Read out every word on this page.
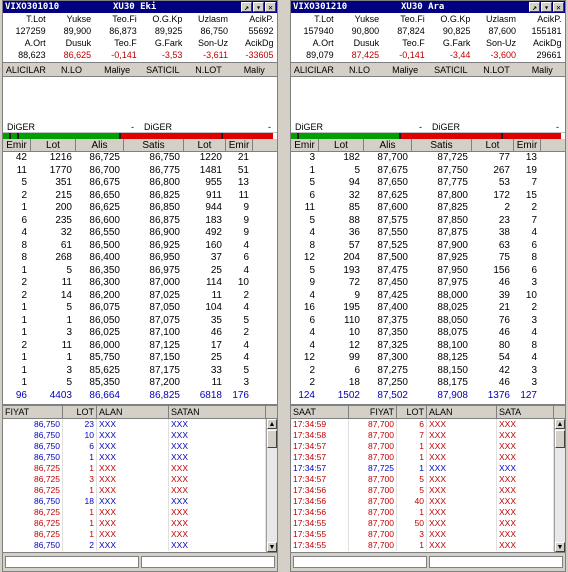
VIXO301010	XU30 Eki	↗ ▾ ✕
T.Lot	Yukse	Teo.Fi	O.G.Kp	Uzlasm	AcikP.
127259	89,900	86,873	89,925	86,750	55692
A.Ort	Dusuk	Teo.F	G.Fark	Son-Uz	AcikDg
88,623	86,625	-0,141	-3,53	-3,611	-33605
ALICILAR	N.LO	Maliye	SATICIL	N.LOT	Maliy
DiGER	-	DiGER	-
Emir	Lot	Alis	Satis	Lot	Emir
42	1216	86,725	86,750	1220	21
11	1770	86,700	86,775	1481	51
5	351	86,675	86,800	955	13
2	215	86,650	86,825	911	11
1	200	86,625	86,850	944	9
6	235	86,600	86,875	183	9
4	32	86,550	86,900	492	9
8	61	86,500	86,925	160	4
8	268	86,400	86,950	37	6
1	5	86,350	86,975	25	4
2	11	86,300	87,000	114	10
2	14	86,200	87,025	11	2
1	5	86,075	87,050	104	4
1	1	86,050	87,075	35	5
1	3	86,025	87,100	46	2
2	11	86,000	87,125	17	4
1	1	85,750	87,150	25	4
1	3	85,625	87,175	33	5
1	5	85,350	87,200	11	3
96	4403	86,664	86,825	6818	176
FIYAT	LOT ALAN	SATAN
86,750	23 XXX	XXX
86,750	10 XXX	XXX
86,750	6 XXX	XXX
86,750	1 XXX	XXX
86,725	1 XXX	XXX
86,725	3 XXX	XXX
86,725	1 XXX	XXX
86,750	18 XXX	XXX
86,725	1 XXX	XXX
86,725	1 XXX	XXX
86,725	1 XXX	XXX
86,750	2 XXX	XXX
▲
▼
VIXO301210	XU30 Ara	↗ ▾ ✕
T.Lot	Yukse	Teo.Fi	O.G.Kp	Uzlasm	AcikP.
157940	90,800	87,824	90,825	87,600	155181
A.Ort	Dusuk	Teo.F	G.Fark	Son-Uz	AcikDg
89,079	87,425	-0,141	-3,44	-3,600	29661
ALICILAR	N.LO	Maliye	SATICIL	N.LOT	Maliy
DiGER	-	DiGER	-
Emir	Lot	Alis	Satis	Lot	Emir
3	182	87,700	87,725	77	13
1	5	87,675	87,750	267	19
5	94	87,650	87,775	53	7
6	32	87,625	87,800	172	15
11	85	87,600	87,825	2	2
5	88	87,575	87,850	23	7
4	36	87,550	87,875	38	4
8	57	87,525	87,900	63	6
12	204	87,500	87,925	75	8
5	193	87,475	87,950	156	6
9	72	87,450	87,975	46	3
4	9	87,425	88,000	39	10
16	195	87,400	88,025	21	2
6	110	87,375	88,050	76	3
4	10	87,350	88,075	46	4
4	12	87,325	88,100	80	8
12	99	87,300	88,125	54	4
2	6	87,275	88,150	42	3
2	18	87,250	88,175	46	3
124	1502	87,502	87,908	1376	127
SAAT	FIYAT	LOT ALAN	SATA
17:34:59	87,700	6 XXX	XXX
17:34:58	87,700	7 XXX	XXX
17:34:57	87,700	1 XXX	XXX
17:34:57	87,700	1 XXX	XXX
17:34:57	87,725	1 XXX	XXX
17:34:57	87,700	5 XXX	XXX
17:34:56	87,700	5 XXX	XXX
17:34:56	87,700	40 XXX	XXX
17:34:56	87,700	1 XXX	XXX
17:34:55	87,700	50 XXX	XXX
17:34:55	87,700	3 XXX	XXX
17:34:55	87,700	1 XXX	XXX
▲
▼
